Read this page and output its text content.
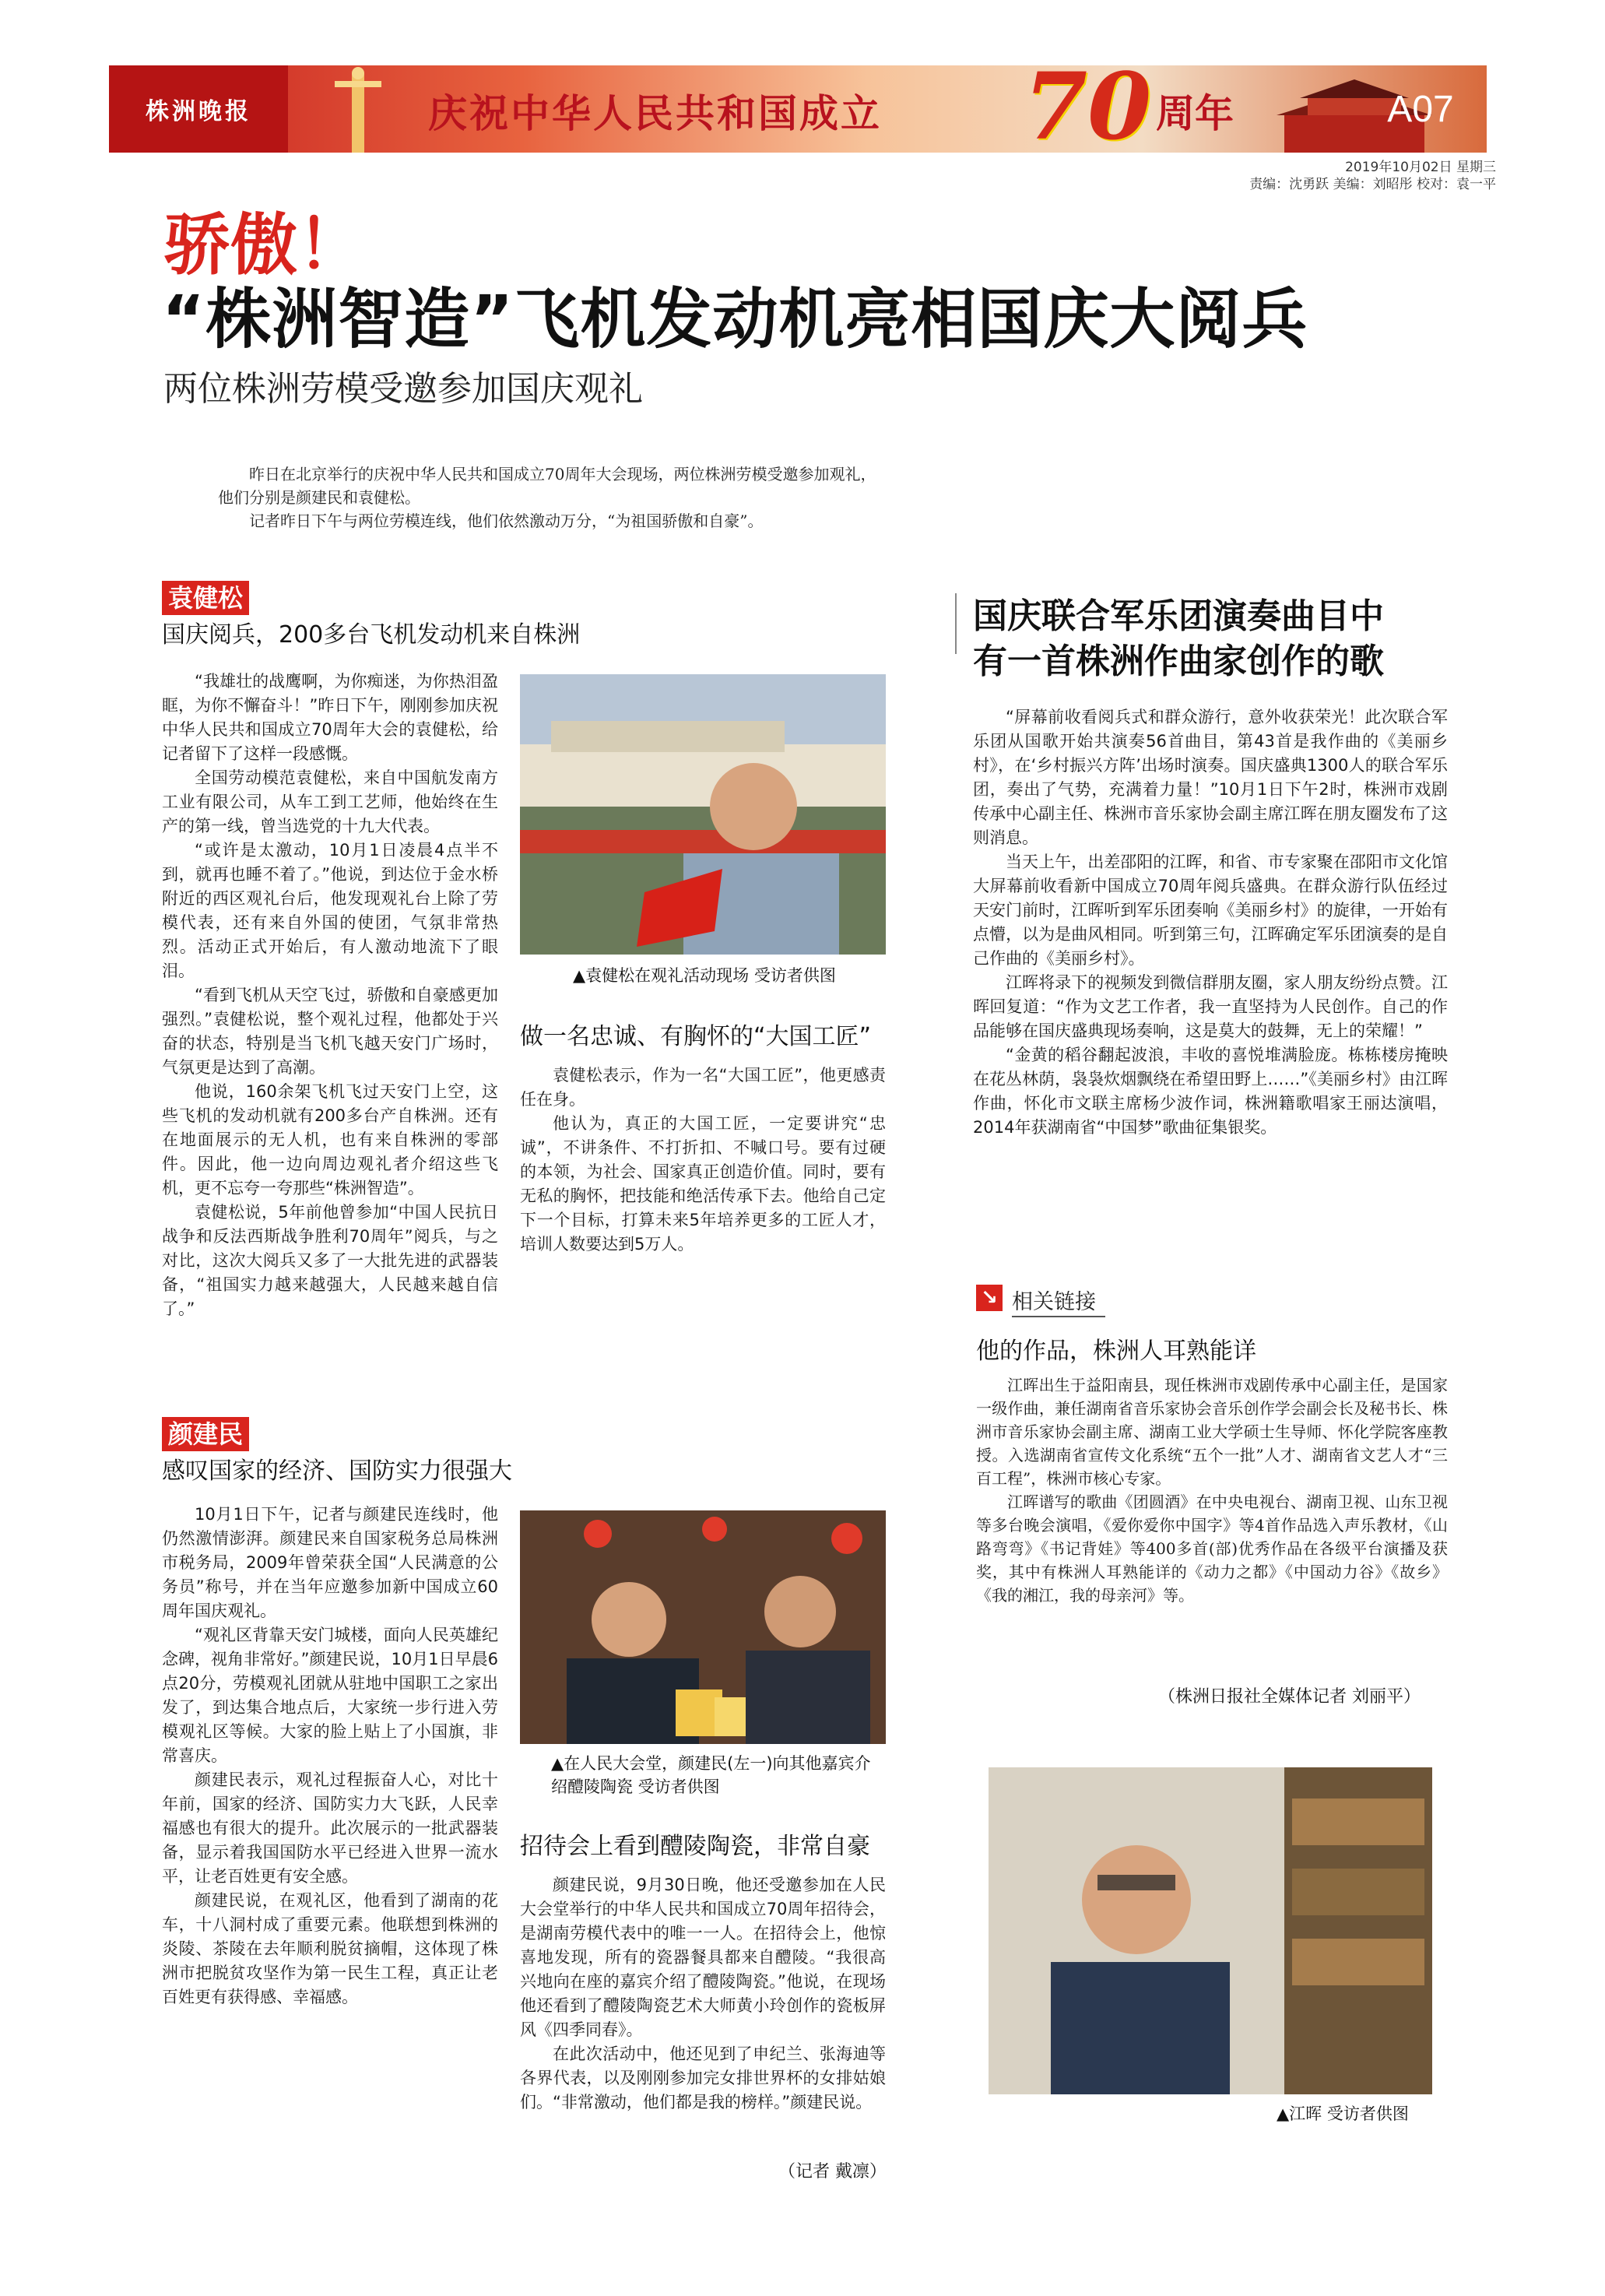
株洲晚报	庆祝中华人民共和国成立 70 周年	A07
2019年10月02日 星期三
责编：沈勇跃 美编：刘昭彤 校对：袁一平
骄傲！
“株洲智造”飞机发动机亮相国庆大阅兵
两位株洲劳模受邀参加国庆观礼

昨日在北京举行的庆祝中华人民共和国成立70周年大会现场，两位株洲劳模受邀参加观礼，他们分别是颜建民和袁健松。

记者昨日下午与两位劳模连线，他们依然激动万分，“为祖国骄傲和自豪”。

袁健松
国庆阅兵，200多台飞机发动机来自株洲

“我雄壮的战鹰啊，为你痴迷，为你热泪盈眶，为你不懈奋斗！”昨日下午，刚刚参加庆祝中华人民共和国成立70周年大会的袁健松，给记者留下了这样一段感慨。

全国劳动模范袁健松，来自中国航发南方工业有限公司，从车工到工艺师，他始终在生产的第一线，曾当选党的十九大代表。

“或许是太激动，10月1日凌晨4点半不到，就再也睡不着了。”他说，到达位于金水桥附近的西区观礼台后，他发现观礼台上除了劳模代表，还有来自外国的使团，气氛非常热烈。活动正式开始后，有人激动地流下了眼泪。

“看到飞机从天空飞过，骄傲和自豪感更加强烈。”袁健松说，整个观礼过程，他都处于兴奋的状态，特别是当飞机飞越天安门广场时，气氛更是达到了高潮。

他说，160余架飞机飞过天安门上空，这些飞机的发动机就有200多台产自株洲。还有在地面展示的无人机，也有来自株洲的零部件。因此，他一边向周边观礼者介绍这些飞机，更不忘夸一夸那些“株洲智造”。

袁健松说，5年前他曾参加“中国人民抗日战争和反法西斯战争胜利70周年”阅兵，与之对比，这次大阅兵又多了一大批先进的武器装备，“祖国实力越来越强大，人民越来越自信了。”

▲袁健松在观礼活动现场 受访者供图
做一名忠诚、有胸怀的“大国工匠”

袁健松表示，作为一名“大国工匠”，他更感责任在身。

他认为，真正的大国工匠，一定要讲究“忠诚”，不讲条件、不打折扣、不喊口号。要有过硬的本领，为社会、国家真正创造价值。同时，要有无私的胸怀，把技能和绝活传承下去。他给自己定下一个目标，打算未来5年培养更多的工匠人才，培训人数要达到5万人。

颜建民
感叹国家的经济、国防实力很强大

10月1日下午，记者与颜建民连线时，他仍然激情澎湃。颜建民来自国家税务总局株洲市税务局，2009年曾荣获全国“人民满意的公务员”称号，并在当年应邀参加新中国成立60周年国庆观礼。

“观礼区背靠天安门城楼，面向人民英雄纪念碑，视角非常好。”颜建民说，10月1日早晨6点20分，劳模观礼团就从驻地中国职工之家出发了，到达集合地点后，大家统一步行进入劳模观礼区等候。大家的脸上贴上了小国旗，非常喜庆。

颜建民表示，观礼过程振奋人心，对比十年前，国家的经济、国防实力大飞跃，人民幸福感也有很大的提升。此次展示的一批武器装备，显示着我国国防水平已经进入世界一流水平，让老百姓更有安全感。

颜建民说，在观礼区，他看到了湖南的花车，十八洞村成了重要元素。他联想到株洲的炎陵、茶陵在去年顺利脱贫摘帽，这体现了株洲市把脱贫攻坚作为第一民生工程，真正让老百姓更有获得感、幸福感。

▲在人民大会堂，颜建民(左一)向其他嘉宾介绍醴陵陶瓷 受访者供图
招待会上看到醴陵陶瓷，非常自豪

颜建民说，9月30日晚，他还受邀参加在人民大会堂举行的中华人民共和国成立70周年招待会，是湖南劳模代表中的唯一一人。在招待会上，他惊喜地发现，所有的瓷器餐具都来自醴陵。“我很高兴地向在座的嘉宾介绍了醴陵陶瓷。”他说，在现场他还看到了醴陵陶瓷艺术大师黄小玲创作的瓷板屏风《四季同春》。

在此次活动中，他还见到了申纪兰、张海迪等各界代表，以及刚刚参加完女排世界杯的女排姑娘们。“非常激动，他们都是我的榜样。”颜建民说。

（记者 戴凛）
国庆联合军乐团演奏曲目中
有一首株洲作曲家创作的歌

“屏幕前收看阅兵式和群众游行，意外收获荣光！此次联合军乐团从国歌开始共演奏56首曲目，第43首是我作曲的《美丽乡村》，在‘乡村振兴方阵’出场时演奏。国庆盛典1300人的联合军乐团，奏出了气势，充满着力量！”10月1日下午2时，株洲市戏剧传承中心副主任、株洲市音乐家协会副主席江晖在朋友圈发布了这则消息。

当天上午，出差邵阳的江晖，和省、市专家聚在邵阳市文化馆大屏幕前收看新中国成立70周年阅兵盛典。在群众游行队伍经过天安门前时，江晖听到军乐团奏响《美丽乡村》的旋律，一开始有点懵，以为是曲风相同。听到第三句，江晖确定军乐团演奏的是自己作曲的《美丽乡村》。

江晖将录下的视频发到微信群朋友圈，家人朋友纷纷点赞。江晖回复道：“作为文艺工作者，我一直坚持为人民创作。自己的作品能够在国庆盛典现场奏响，这是莫大的鼓舞，无上的荣耀！”

“金黄的稻谷翻起波浪，丰收的喜悦堆满脸庞。栋栋楼房掩映在花丛林荫，袅袅炊烟飘绕在希望田野上……”《美丽乡村》由江晖作曲，怀化市文联主席杨少波作词，株洲籍歌唱家王丽达演唱，2014年获湖南省“中国梦”歌曲征集银奖。

↘ 相关链接
他的作品，株洲人耳熟能详

江晖出生于益阳南县，现任株洲市戏剧传承中心副主任，是国家一级作曲，兼任湖南省音乐家协会音乐创作学会副会长及秘书长、株洲市音乐家协会副主席、湖南工业大学硕士生导师、怀化学院客座教授。入选湖南省宣传文化系统“五个一批”人才、湖南省文艺人才“三百工程”，株洲市核心专家。

江晖谱写的歌曲《团圆酒》在中央电视台、湖南卫视、山东卫视等多台晚会演唱，《爱你爱你中国字》等4首作品选入声乐教材，《山路弯弯》《书记背娃》等400多首(部)优秀作品在各级平台演播及获奖，其中有株洲人耳熟能详的《动力之都》《中国动力谷》《故乡》《我的湘江，我的母亲河》等。

（株洲日报社全媒体记者 刘丽平）
▲江晖 受访者供图
